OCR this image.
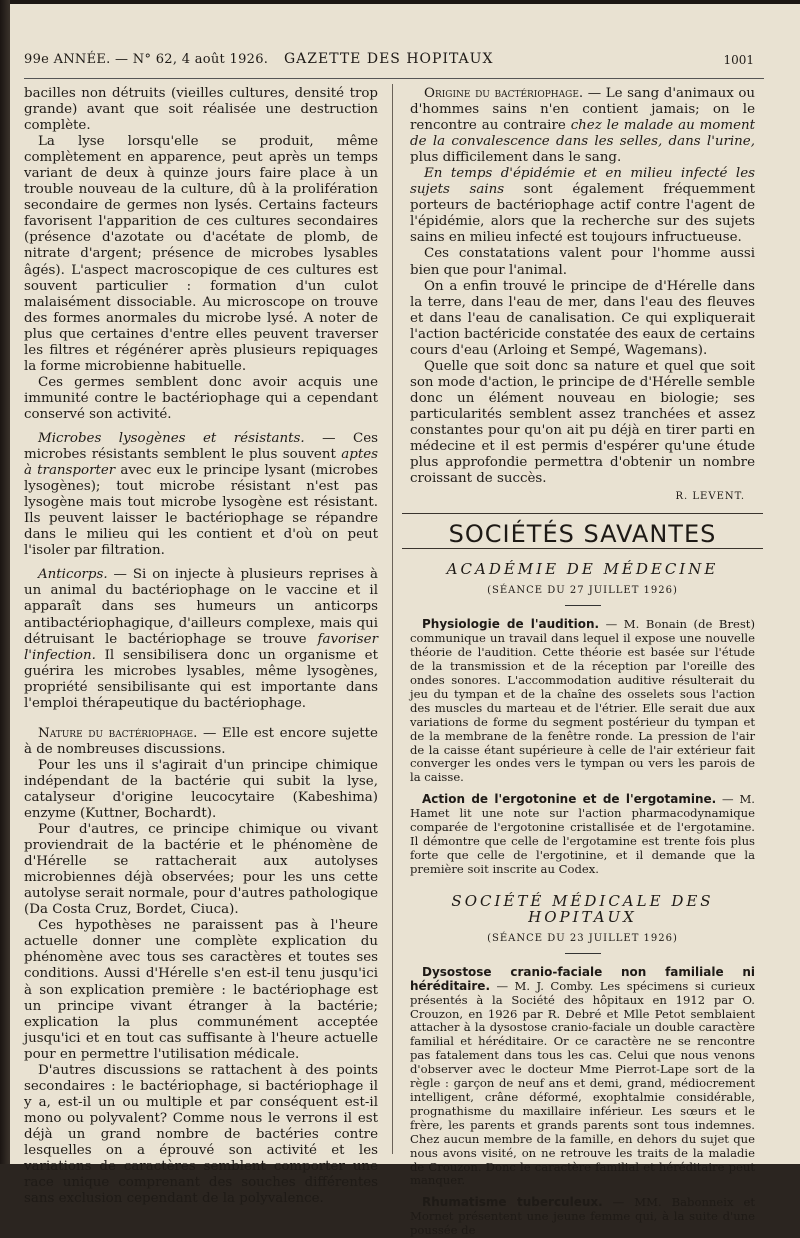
99e ANNÉE. — N° 62, 4 août 1926. GAZETTE DES HOPITAUX	1001

bacilles non détruits (vieilles cultures, densité trop grande) avant que soit réalisée une destruction complète.

La lyse lorsqu'elle se produit, même complètement en apparence, peut après un temps variant de deux à quinze jours faire place à un trouble nouveau de la culture, dû à la prolifération secondaire de germes non lysés. Certains facteurs favorisent l'apparition de ces cultures secondaires (présence d'azotate ou d'acétate de plomb, de nitrate d'argent; présence de microbes lysables âgés). L'aspect macroscopique de ces cultures est souvent particulier : formation d'un culot malaisément dissociable. Au microscope on trouve des formes anormales du microbe lysé. A noter de plus que certaines d'entre elles peuvent traverser les filtres et régénérer après plusieurs repiquages la forme microbienne habituelle.

Ces germes semblent donc avoir acquis une immunité contre le bactériophage qui a cependant conservé son activité.

Microbes lysogènes et résistants. — Ces microbes résistants semblent le plus souvent aptes à transporter avec eux le principe lysant (microbes lysogènes); tout microbe résistant n'est pas lysogène mais tout microbe lysogène est résistant. Ils peuvent laisser le bactériophage se répandre dans le milieu qui les contient et d'où on peut l'isoler par filtration.

Anticorps. — Si on injecte à plusieurs reprises à un animal du bactériophage on le vaccine et il apparaît dans ses humeurs un anticorps antibactériophagique, d'ailleurs complexe, mais qui détruisant le bactériophage se trouve favoriser l'infection. Il sensibilisera donc un organisme et guérira les microbes lysables, même lysogènes, propriété sensibilisante qui est importante dans l'emploi thérapeutique du bactériophage.

Nature du bactériophage. — Elle est encore sujette à de nombreuses discussions.

Pour les uns il s'agirait d'un principe chimique indépendant de la bactérie qui subit la lyse, catalyseur d'origine leucocytaire (Kabeshima) enzyme (Kuttner, Bochardt).

Pour d'autres, ce principe chimique ou vivant proviendrait de la bactérie et le phénomène de d'Hérelle se rattacherait aux autolyses microbiennes déjà observées; pour les uns cette autolyse serait normale, pour d'autres pathologique (Da Costa Cruz, Bordet, Ciuca).

Ces hypothèses ne paraissent pas à l'heure actuelle donner une complète explication du phénomène avec tous ses caractères et toutes ses conditions. Aussi d'Hérelle s'en est-il tenu jusqu'ici à son explication première : le bactériophage est un principe vivant étranger à la bactérie; explication la plus communément acceptée jusqu'ici et en tout cas suffisante à l'heure actuelle pour en permettre l'utilisation médicale.

D'autres discussions se rattachent à des points secondaires : le bactériophage, si bactériophage il y a, est-il un ou multiple et par conséquent est-il mono ou polyvalent? Comme nous le verrons il est déjà un grand nombre de bactéries contre lesquelles on a éprouvé son activité et les variations de caractères semblent comporter une race unique comprenant des souches différentes sans exclusion cependant de la polyvalence.

Origine du bactériophage. — Le sang d'animaux ou d'hommes sains n'en contient jamais; on le rencontre au contraire chez le malade au moment de la convalescence dans les selles, dans l'urine, plus difficilement dans le sang.

En temps d'épidémie et en milieu infecté les sujets sains sont également fréquemment porteurs de bactériophage actif contre l'agent de l'épidémie, alors que la recherche sur des sujets sains en milieu infecté est toujours infructueuse.

Ces constatations valent pour l'homme aussi bien que pour l'animal.

On a enfin trouvé le principe de d'Hérelle dans la terre, dans l'eau de mer, dans l'eau des fleuves et dans l'eau de canalisation. Ce qui expliquerait l'action bactéricide constatée des eaux de certains cours d'eau (Arloing et Sempé, Wagemans).

Quelle que soit donc sa nature et quel que soit son mode d'action, le principe de d'Hérelle semble donc un élément nouveau en biologie; ses particularités semblent assez tranchées et assez constantes pour qu'on ait pu déjà en tirer parti en médecine et il est permis d'espérer qu'une étude plus approfondie permettra d'obtenir un nombre croissant de succès.

R. LEVENT.
SOCIÉTÉS SAVANTES
ACADÉMIE DE MÉDECINE
(SÉANCE DU 27 JUILLET 1926)

Physiologie de l'audition. — M. Bonain (de Brest) communique un travail dans lequel il expose une nouvelle théorie de l'audition. Cette théorie est basée sur l'étude de la transmission et de la réception par l'oreille des ondes sonores. L'accommodation auditive résulterait du jeu du tympan et de la chaîne des osselets sous l'action des muscles du marteau et de l'étrier. Elle serait due aux variations de forme du segment postérieur du tympan et de la membrane de la fenêtre ronde. La pression de l'air de la caisse étant supérieure à celle de l'air extérieur fait converger les ondes vers le tympan ou vers les parois de la caisse.

Action de l'ergotonine et de l'ergotamine. — M. Hamet lit une note sur l'action pharmacodynamique comparée de l'ergotonine cristallisée et de l'ergotamine. Il démontre que celle de l'ergotamine est trente fois plus forte que celle de l'ergotinine, et il demande que la première soit inscrite au Codex.

SOCIÉTÉ MÉDICALE DES HOPITAUX
(SÉANCE DU 23 JUILLET 1926)

Dysostose cranio-faciale non familiale ni héréditaire. — M. J. Comby. Les spécimens si curieux présentés à la Société des hôpitaux en 1912 par O. Crouzon, en 1926 par R. Debré et Mlle Petot semblaient attacher à la dysostose cranio-faciale un double caractère familial et héréditaire. Or ce caractère ne se rencontre pas fatalement dans tous les cas. Celui que nous venons d'observer avec le docteur Mme Pierrot-Lape sort de la règle : garçon de neuf ans et demi, grand, médiocrement intelligent, crâne déformé, exophtalmie considérable, prognathisme du maxillaire inférieur. Les sœurs et le frère, les parents et grands parents sont tous indemnes. Chez aucun membre de la famille, en dehors du sujet que nous avons visité, on ne retrouve les traits de la maladie de Crouzon. Donc le caractère familial et héréditaire peut manquer.

Rhumatisme tuberculeux. — MM. Babonneix et Mornet présentent une jeune femme qui, à la suite d'une poussée de
